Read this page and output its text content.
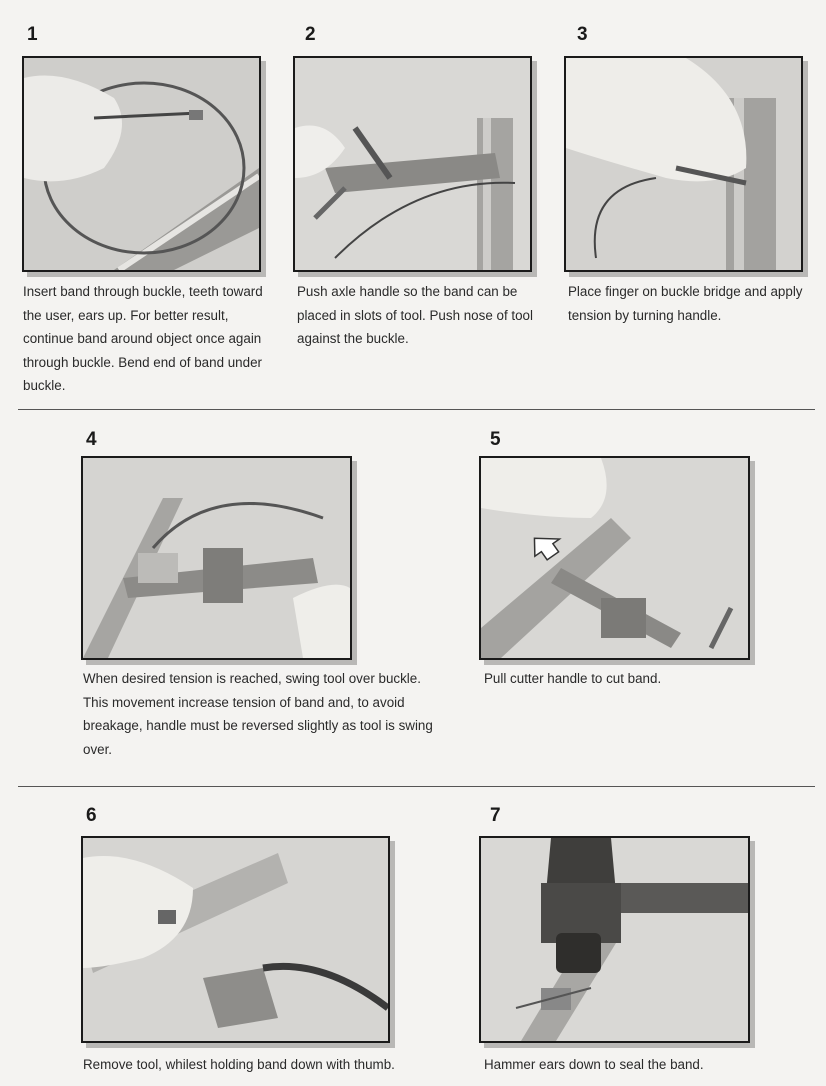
1
Insert band through buckle, teeth toward the user, ears up. For better result, continue band around object once again through buckle. Bend end of band under buckle.
2
Push axle handle so the band can be placed in slots of tool. Push nose of tool against the buckle.
3
Place finger on buckle bridge and apply tension by turning handle.
4
When desired tension is reached, swing tool over buckle. This movement increase tension of band and, to avoid breakage, handle must be reversed slightly as tool is swing over.
5
Pull cutter handle to cut band.
6
Remove tool, whilest holding band down with thumb.
7
Hammer ears down to seal the band.
